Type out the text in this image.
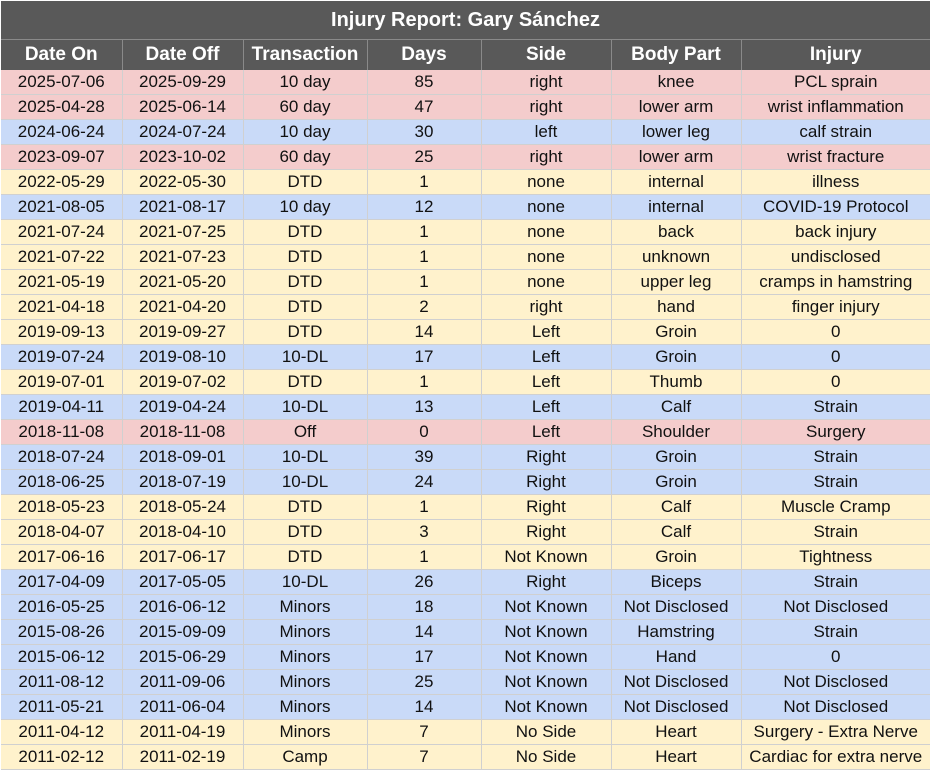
Injury Report: Gary Sánchez
Date On	Date Off	Transaction	Days	Side	Body Part	Injury
2025-07-06	2025-09-29	10 day	85	right	knee	PCL sprain
2025-04-28	2025-06-14	60 day	47	right	lower arm	wrist inflammation
2024-06-24	2024-07-24	10 day	30	left	lower leg	calf strain
2023-09-07	2023-10-02	60 day	25	right	lower arm	wrist fracture
2022-05-29	2022-05-30	DTD	1	none	internal	illness
2021-08-05	2021-08-17	10 day	12	none	internal	COVID-19 Protocol
2021-07-24	2021-07-25	DTD	1	none	back	back injury
2021-07-22	2021-07-23	DTD	1	none	unknown	undisclosed
2021-05-19	2021-05-20	DTD	1	none	upper leg	cramps in hamstring
2021-04-18	2021-04-20	DTD	2	right	hand	finger injury
2019-09-13	2019-09-27	DTD	14	Left	Groin	0
2019-07-24	2019-08-10	10-DL	17	Left	Groin	0
2019-07-01	2019-07-02	DTD	1	Left	Thumb	0
2019-04-11	2019-04-24	10-DL	13	Left	Calf	Strain
2018-11-08	2018-11-08	Off	0	Left	Shoulder	Surgery
2018-07-24	2018-09-01	10-DL	39	Right	Groin	Strain
2018-06-25	2018-07-19	10-DL	24	Right	Groin	Strain
2018-05-23	2018-05-24	DTD	1	Right	Calf	Muscle Cramp
2018-04-07	2018-04-10	DTD	3	Right	Calf	Strain
2017-06-16	2017-06-17	DTD	1	Not Known	Groin	Tightness
2017-04-09	2017-05-05	10-DL	26	Right	Biceps	Strain
2016-05-25	2016-06-12	Minors	18	Not Known	Not Disclosed	Not Disclosed
2015-08-26	2015-09-09	Minors	14	Not Known	Hamstring	Strain
2015-06-12	2015-06-29	Minors	17	Not Known	Hand	0
2011-08-12	2011-09-06	Minors	25	Not Known	Not Disclosed	Not Disclosed
2011-05-21	2011-06-04	Minors	14	Not Known	Not Disclosed	Not Disclosed
2011-04-12	2011-04-19	Minors	7	No Side	Heart	Surgery - Extra Nerve
2011-02-12	2011-02-19	Camp	7	No Side	Heart	Cardiac for extra nerve
